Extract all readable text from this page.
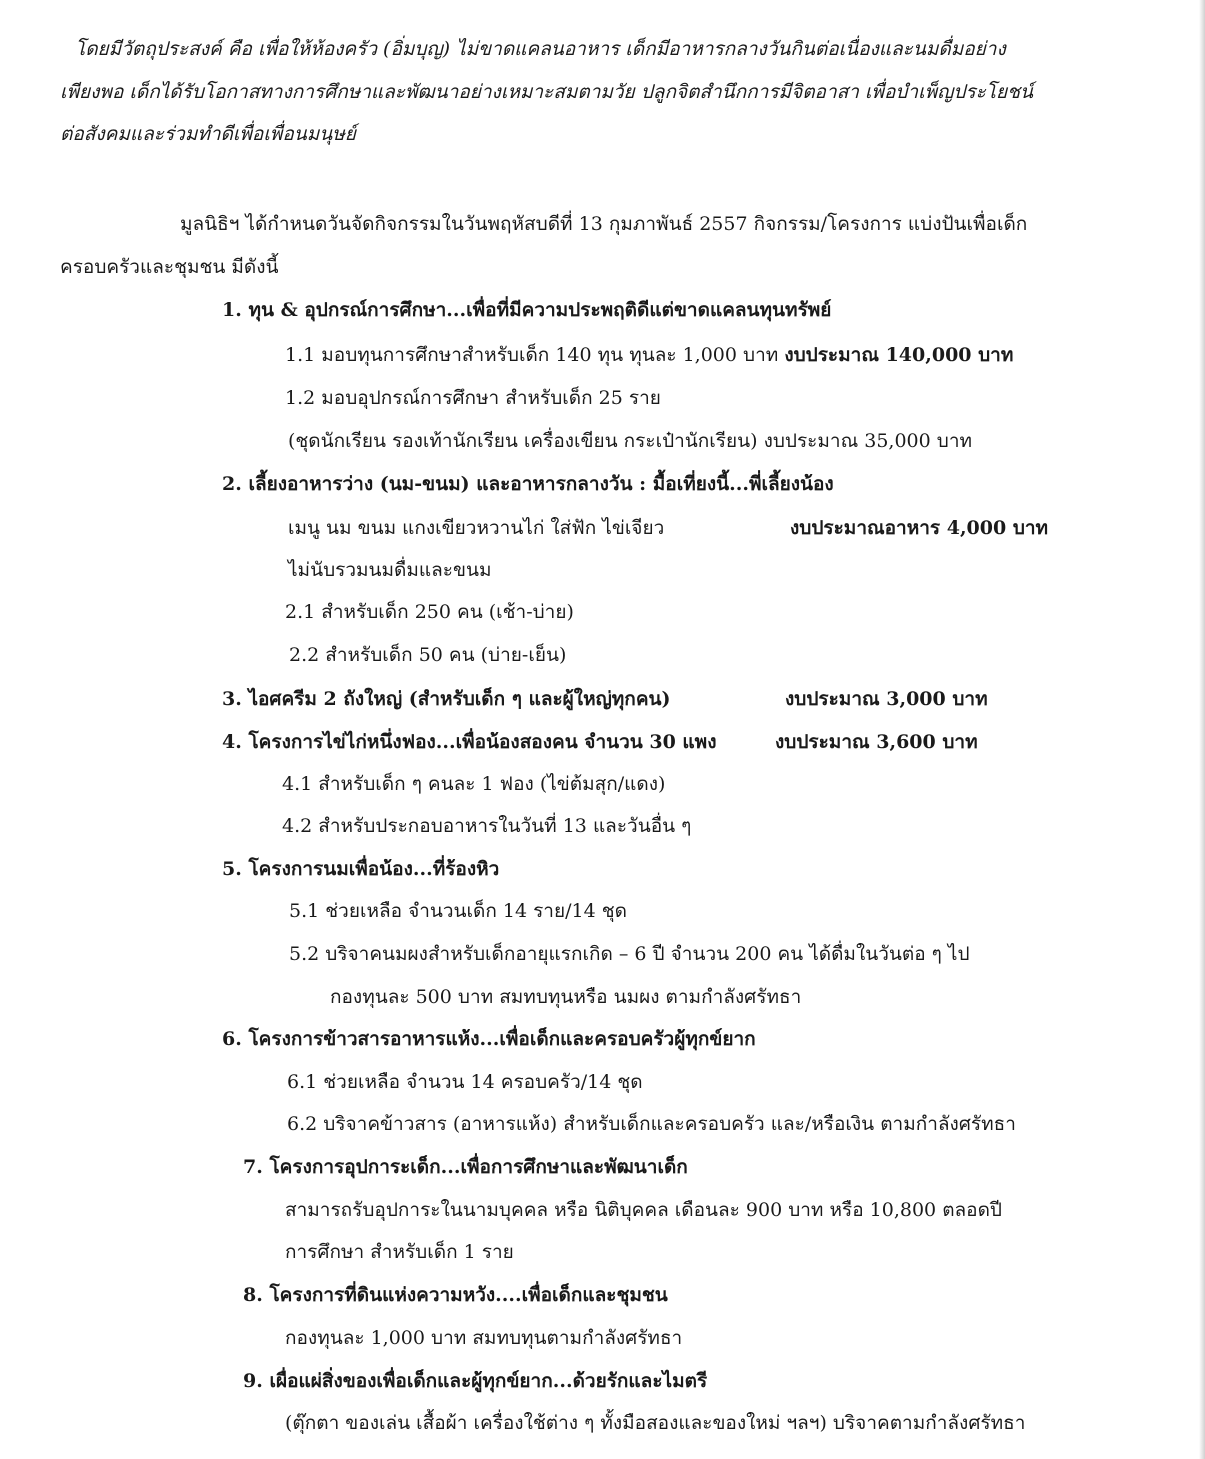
โดยมีวัตถุประสงค์ คือ เพื่อให้ห้องครัว (อิ่มบุญ) ไม่ขาดแคลนอาหาร เด็กมีอาหารกลางวันกินต่อเนื่องและนมดื่มอย่าง
เพียงพอ เด็กได้รับโอกาสทางการศึกษาและพัฒนาอย่างเหมาะสมตามวัย ปลูกจิตสำนึกการมีจิตอาสา เพื่อบำเพ็ญประโยชน์
ต่อสังคมและร่วมทำดีเพื่อเพื่อนมนุษย์
มูลนิธิฯ ได้กำหนดวันจัดกิจกรรมในวันพฤหัสบดีที่ 13 กุมภาพันธ์ 2557 กิจกรรม/โครงการ แบ่งปันเพื่อเด็ก
ครอบครัวและชุมชน มีดังนี้
1. ทุน & อุปกรณ์การศึกษา...เพื่อที่มีความประพฤติดีแต่ขาดแคลนทุนทรัพย์
1.1 มอบทุนการศึกษาสำหรับเด็ก 140 ทุน ทุนละ 1,000 บาท งบประมาณ 140,000 บาท
1.2 มอบอุปกรณ์การศึกษา สำหรับเด็ก 25 ราย
(ชุดนักเรียน รองเท้านักเรียน เครื่องเขียน กระเป๋านักเรียน) งบประมาณ 35,000 บาท
2. เลี้ยงอาหารว่าง (นม-ขนม) และอาหารกลางวัน : มื้อเที่ยงนี้...พี่เลี้ยงน้อง
เมนู นม ขนม แกงเขียวหวานไก่ ใส่ฟัก ไข่เจียว	งบประมาณอาหาร 4,000 บาท
ไม่นับรวมนมดื่มและขนม
2.1 สำหรับเด็ก 250 คน (เช้า-บ่าย)
2.2 สำหรับเด็ก 50 คน (บ่าย-เย็น)
3. ไอศครีม 2 ถังใหญ่ (สำหรับเด็ก ๆ และผู้ใหญ่ทุกคน)	งบประมาณ 3,000 บาท
4. โครงการไข่ไก่หนึ่งฟอง...เพื่อน้องสองคน จำนวน 30 แพง	งบประมาณ 3,600 บาท
4.1 สำหรับเด็ก ๆ คนละ 1 ฟอง (ไข่ต้มสุก/แดง)
4.2 สำหรับประกอบอาหารในวันที่ 13 และวันอื่น ๆ
5. โครงการนมเพื่อน้อง...ที่ร้องหิว
5.1 ช่วยเหลือ จำนวนเด็ก 14 ราย/14 ชุด
5.2 บริจาคนมผงสำหรับเด็กอายุแรกเกิด – 6 ปี จำนวน 200 คน ได้ดื่มในวันต่อ ๆ ไป
กองทุนละ 500 บาท สมทบทุนหรือ นมผง ตามกำลังศรัทธา
6. โครงการข้าวสารอาหารแห้ง...เพื่อเด็กและครอบครัวผู้ทุกข์ยาก
6.1 ช่วยเหลือ จำนวน 14 ครอบครัว/14 ชุด
6.2 บริจาคข้าวสาร (อาหารแห้ง) สำหรับเด็กและครอบครัว และ/หรือเงิน ตามกำลังศรัทธา
7. โครงการอุปการะเด็ก...เพื่อการศึกษาและพัฒนาเด็ก
สามารถรับอุปการะในนามบุคคล หรือ นิติบุคคล เดือนละ 900 บาท หรือ 10,800 ตลอดปี
การศึกษา สำหรับเด็ก 1 ราย
8. โครงการที่ดินแห่งความหวัง....เพื่อเด็กและชุมชน
กองทุนละ 1,000 บาท สมทบทุนตามกำลังศรัทธา
9. เผื่อแผ่สิ่งของเพื่อเด็กและผู้ทุกข์ยาก...ด้วยรักและไมตรี
(ตุ๊กตา ของเล่น เสื้อผ้า เครื่องใช้ต่าง ๆ ทั้งมือสองและของใหม่ ฯลฯ) บริจาคตามกำลังศรัทธา
